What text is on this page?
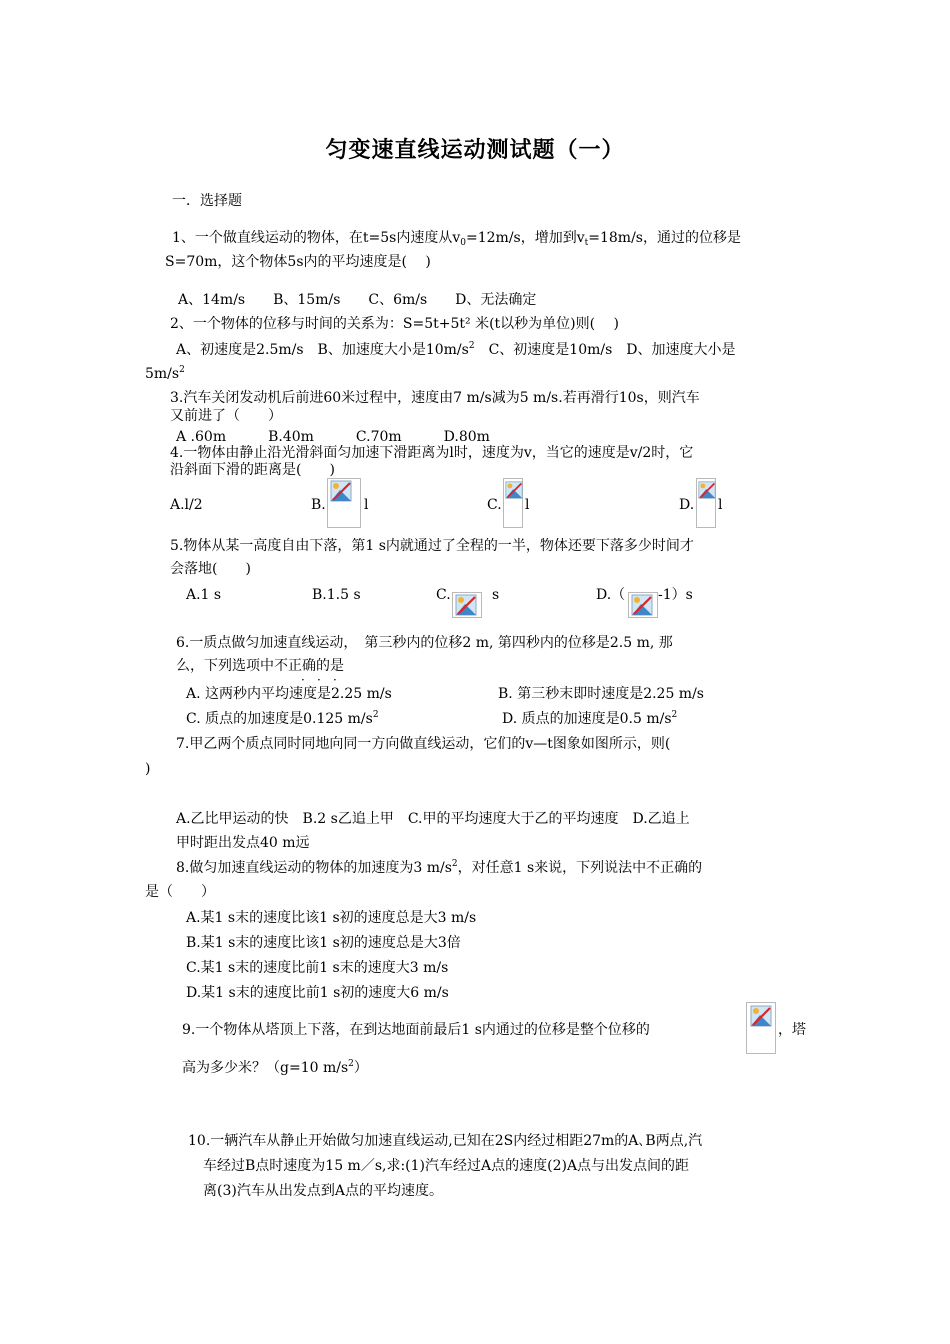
匀变速直线运动测试题（一）
一．选择题
1、一个做直线运动的物体，在t=5s内速度从$v_0=12m/s$，增加到$v_t=18m/s$，通过的位移是
S=70m，这个物体5s内的平均速度是(　 )
A、14m/s　　B、15m/s　　C、6m/s　　D、无法确定
2、一个物体的位移与时间的关系为：S=5t+5t² 米(t以秒为单位)则(　 )
A、初速度是2.5m/s　B、加速度大小是$10m/s^2$　C、初速度是10m/s　D、加速度大小是
$5m/s^2$
3.汽车关闭发动机后前进60米过程中，速度由7 m/s减为5 m/s.若再滑行10s，则汽车
又前进了（　　）
A .60m　　　B.40m　　　C.70m　　　D.80m
4.一物体由静止沿光滑斜面匀加速下滑距离为l时，速度为v，当它的速度是v/2时，它
沿斜面下滑的距离是(　　)
A.l/2	B.	l	C. l	D. l
5.物体从某一高度自由下落，第1 s内就通过了全程的一半，物体还要下落多少时间才
会落地(　　)
A.1 s	B.1.5 s	C.	s	D.（ -1）s
6.一质点做匀加速直线运动，　第三秒内的位移2 m, 第四秒内的位移是2.5 m, 那
么，下列选项中不正确的是
· · ·
A. 这两秒内平均速度是2.25 m/s	B. 第三秒末即时速度是2.25 m/s
C. 质点的加速度是0.125 $m/s^2$	D. 质点的加速度是0.5 $m/s^2$
7.甲乙两个质点同时同地向同一方向做直线运动，它们的v—t图象如图所示，则(
)
A.乙比甲运动的快　B.2 s乙追上甲　C.甲的平均速度大于乙的平均速度　D.乙追上
甲时距出发点40 m远
8.做匀加速直线运动的物体的加速度为3 $m/s^2$，对任意1 s来说，下列说法中不正确的
是（　　）
A.某1 s末的速度比该1 s初的速度总是大3 m/s
B.某1 s末的速度比该1 s初的速度总是大3倍
C.某1 s末的速度比前1 s末的速度大3 m/s
D.某1 s末的速度比前1 s初的速度大6 m/s
9.一个物体从塔顶上下落，在到达地面前最后1 s内通过的位移是整个位移的	，塔
高为多少米？（g=10 $m/s^2$）
10.一辆汽车从静止开始做匀加速直线运动,已知在2S内经过相距27m的A､B两点,汽
车经过B点时速度为15 m／s,求:(1)汽车经过A点的速度(2)A点与出发点间的距
离(3)汽车从出发点到A点的平均速度。
